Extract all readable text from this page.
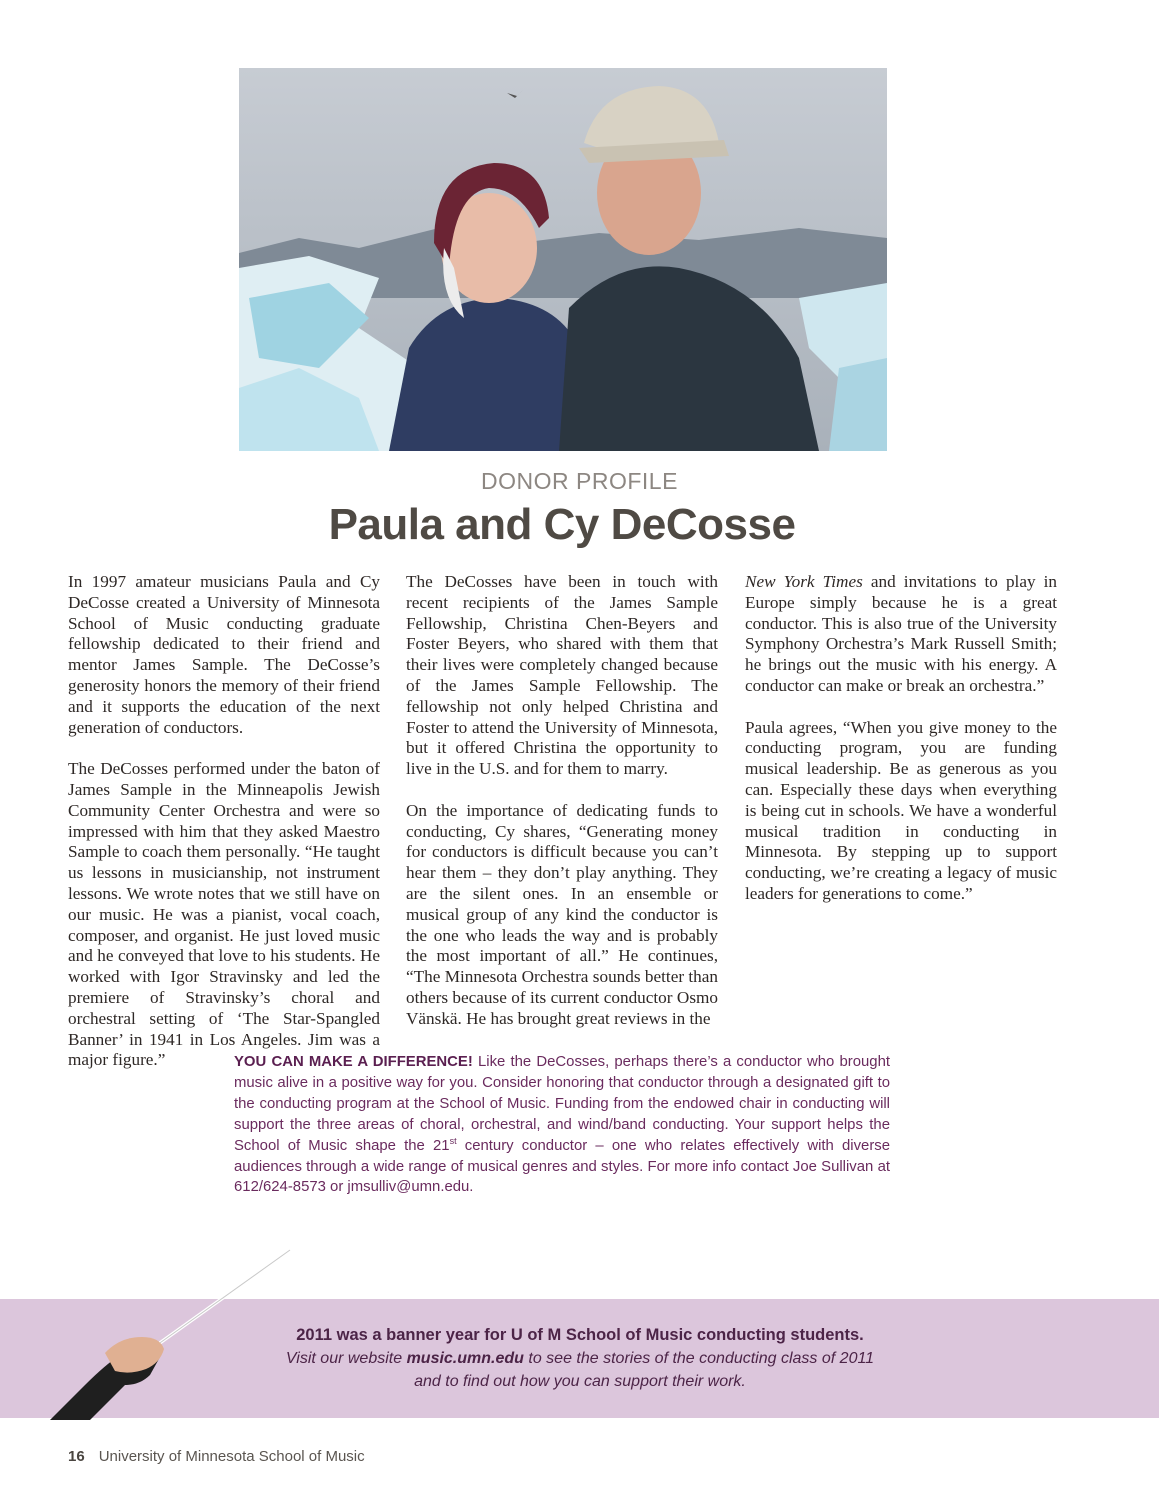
DONOR PROFILE
Paula and Cy DeCosse

In 1997 amateur musicians Paula and Cy DeCosse created a University of Minnesota School of Music conducting graduate fellowship dedicated to their friend and mentor James Sample. The DeCosse’s generosity honors the memory of their friend and it supports the education of the next generation of conductors.

The DeCosses performed under the baton of James Sample in the Minneapolis Jewish Community Center Orchestra and were so impressed with him that they asked Maestro Sample to coach them personally. “He taught us lessons in musicianship, not instrument lessons. We wrote notes that we still have on our music. He was a pianist, vocal coach, composer, and organist. He just loved music and he conveyed that love to his students. He worked with Igor Stravinsky and led the premiere of Stravinsky’s choral and orchestral setting of ‘The Star-Spangled Banner’ in 1941 in Los Angeles. Jim was a major figure.”

The DeCosses have been in touch with recent recipients of the James Sample Fellowship, Christina Chen-Beyers and Foster Beyers, who shared with them that their lives were completely changed because of the James Sample Fellowship. The fellowship not only helped Christina and Foster to attend the University of Minnesota, but it offered Christina the opportunity to live in the U.S. and for them to marry.

On the importance of dedicating funds to conducting, Cy shares, “Generating money for conductors is difficult because you can’t hear them – they don’t play anything. They are the silent ones. In an ensemble or musical group of any kind the conductor is the one who leads the way and is probably the most important of all.” He continues, “The Minnesota Orchestra sounds better than others because of its current conductor Osmo Vänskä. He has brought great reviews in the

New York Times and invitations to play in Europe simply because he is a great conductor. This is also true of the University Symphony Orchestra’s Mark Russell Smith; he brings out the music with his energy. A conductor can make or break an orchestra.”

Paula agrees, “When you give money to the conducting program, you are funding musical leadership. Be as generous as you can. Especially these days when everything is being cut in schools. We have a wonderful musical tradition in conducting in Minnesota. By stepping up to support conducting, we’re creating a legacy of music leaders for generations to come.”

YOU CAN MAKE A DIFFERENCE! Like the DeCosses, perhaps there’s a conductor who brought music alive in a positive way for you. Consider honoring that conductor through a designated gift to the conducting program at the School of Music. Funding from the endowed chair in conducting will support the three areas of choral, orchestral, and wind/band conducting. Your support helps the School of Music shape the 21st century conductor – one who relates effectively with diverse audiences through a wide range of musical genres and styles. For more info contact Joe Sullivan at 612/624-8573 or jmsulliv@umn.edu.
2011 was a banner year for U of M School of Music conducting students.
Visit our website music.umn.edu to see the stories of the conducting class of 2011
and to find out how you can support their work.
16 University of Minnesota School of Music
